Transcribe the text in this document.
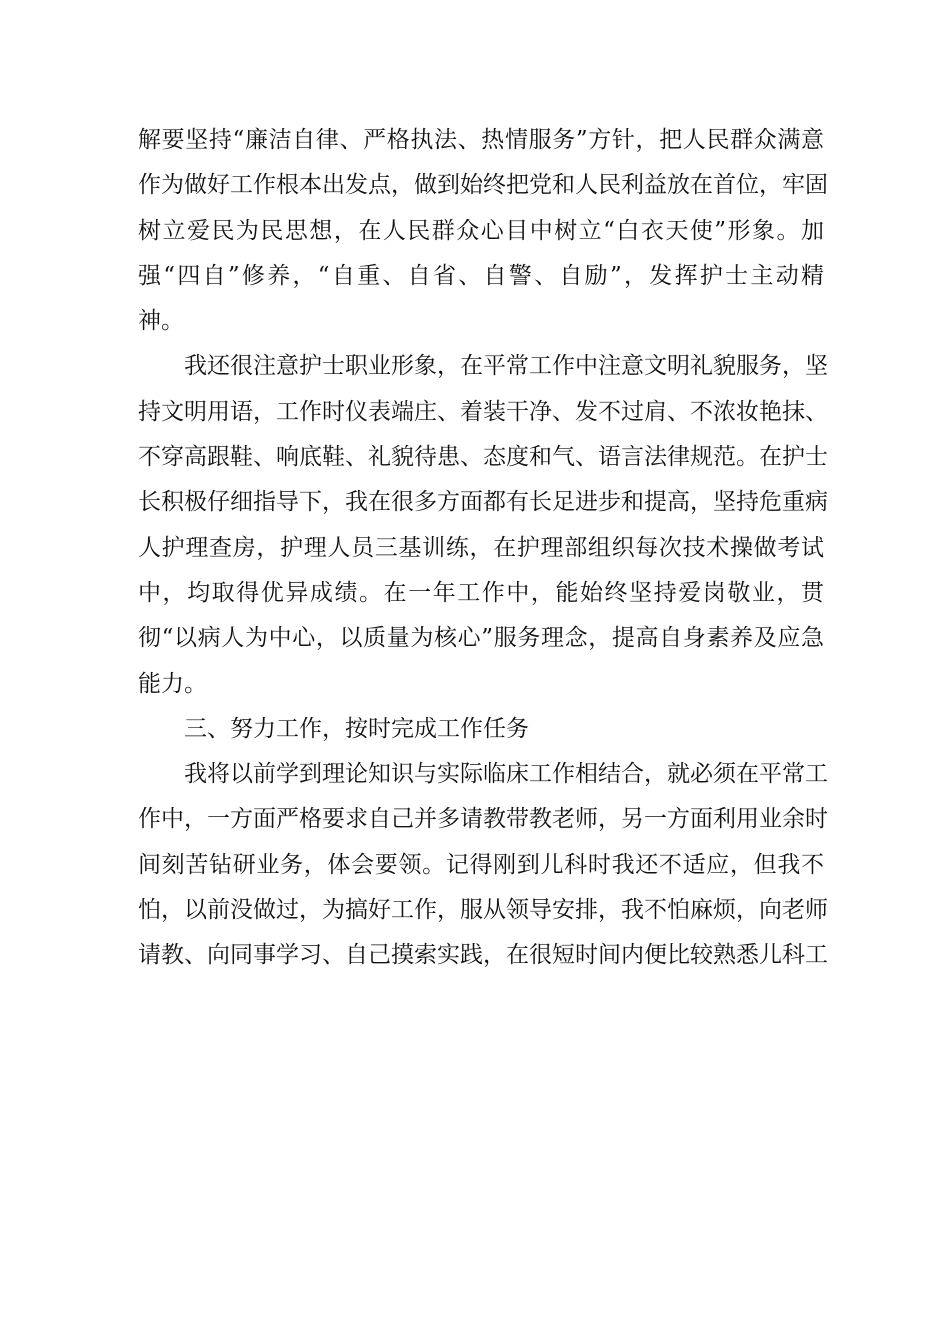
解要坚持“廉洁自律、严格执法、热情服务”方针，把人民群众满意
作为做好工作根本出发点，做到始终把党和人民利益放在首位，牢固
树立爱民为民思想，在人民群众心目中树立“白衣天使”形象。加
强“四自”修养，“自重、自省、自警、自励”，发挥护士主动精
神。
我还很注意护士职业形象，在平常工作中注意文明礼貌服务，坚
持文明用语，工作时仪表端庄、着装干净、发不过肩、不浓妆艳抹、
不穿高跟鞋、响底鞋、礼貌待患、态度和气、语言法律规范。在护士
长积极仔细指导下，我在很多方面都有长足进步和提高，坚持危重病
人护理查房，护理人员三基训练，在护理部组织每次技术操做考试
中，均取得优异成绩。在一年工作中，能始终坚持爱岗敬业，贯
彻“以病人为中心，以质量为核心”服务理念，提高自身素养及应急
能力。
三、努力工作，按时完成工作任务
我将以前学到理论知识与实际临床工作相结合，就必须在平常工
作中，一方面严格要求自己并多请教带教老师，另一方面利用业余时
间刻苦钻研业务，体会要领。记得刚到儿科时我还不适应，但我不
怕，以前没做过，为搞好工作，服从领导安排，我不怕麻烦，向老师
请教、向同事学习、自己摸索实践，在很短时间内便比较熟悉儿科工
